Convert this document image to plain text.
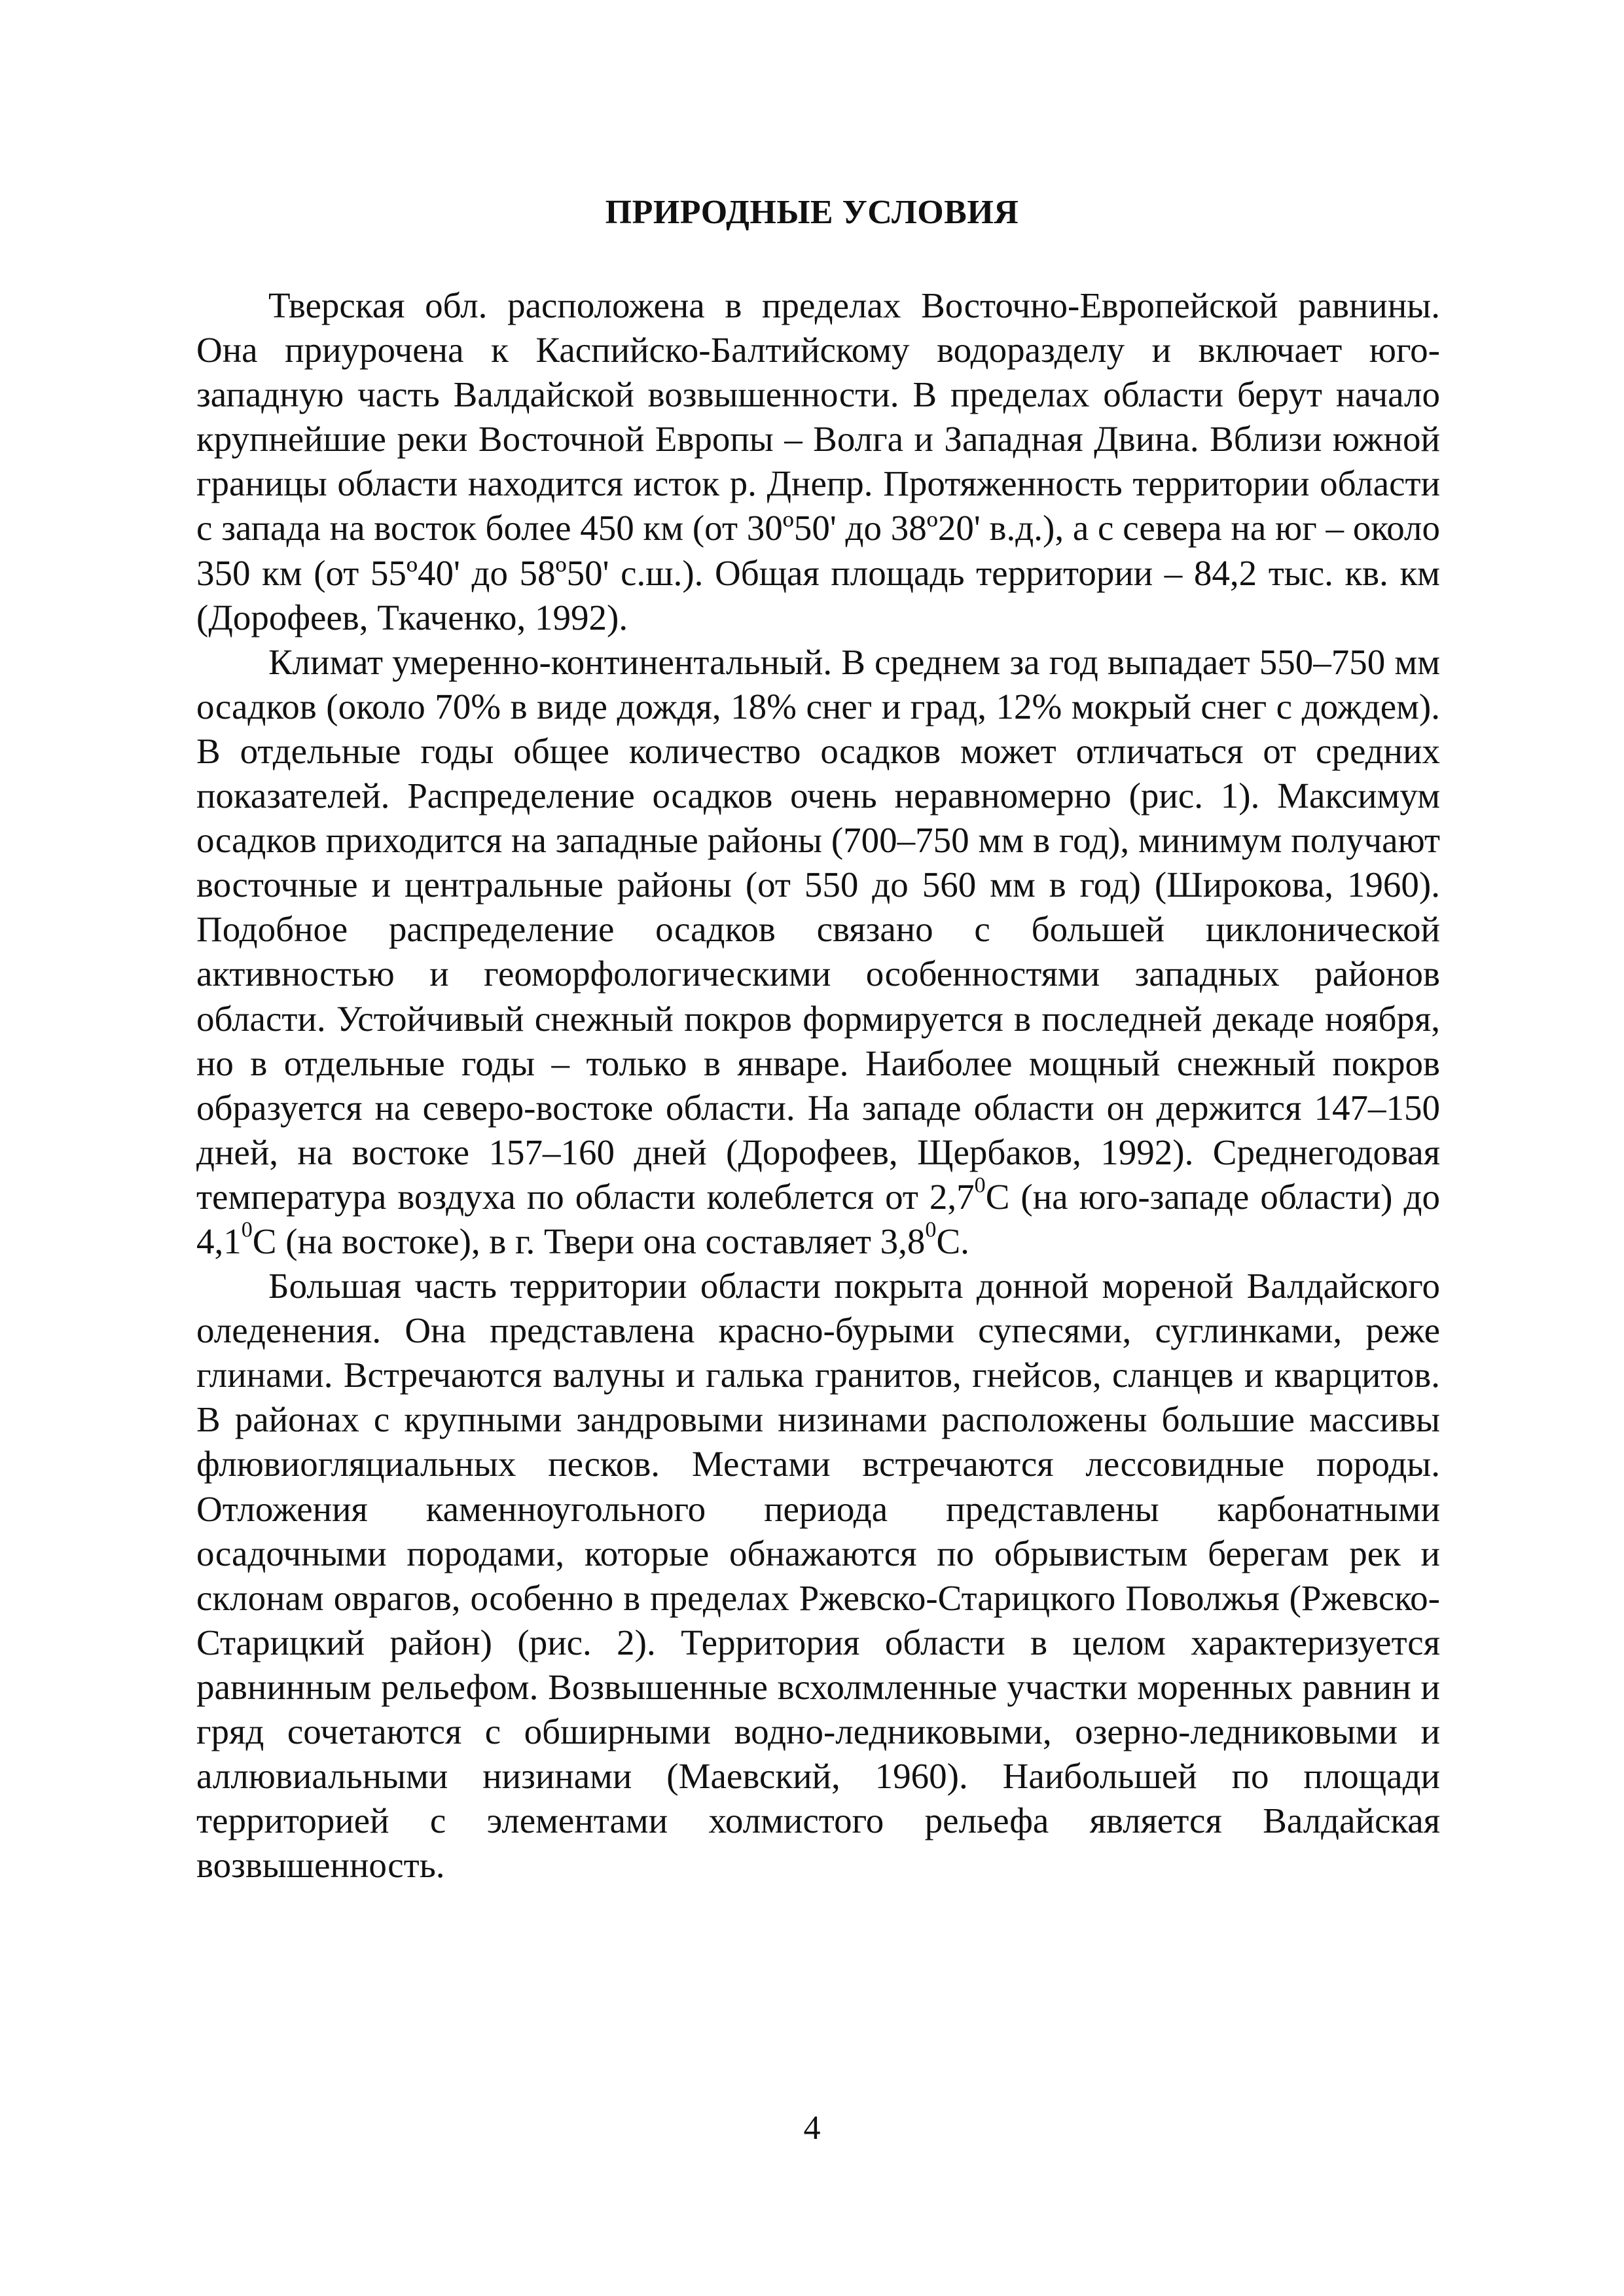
ПРИРОДНЫЕ УСЛОВИЯ

Тверская обл. расположена в пределах Восточно-Европейской равнины. Она приурочена к Каспийско-Балтийскому водоразделу и включает юго-западную часть Валдайской возвышенности. В пределах области берут начало крупнейшие реки Восточной Европы – Волга и Западная Двина. Вблизи южной границы области находится исток р. Днепр. Протяженность территории области с запада на восток более 450 км (от 30º50' до 38º20' в.д.), а с севера на юг – около 350 км (от 55º40' до 58º50' с.ш.). Общая площадь территории – 84,2 тыс. кв. км (Дорофеев, Ткаченко, 1992).

Климат умеренно-континентальный. В среднем за год выпадает 550–750 мм осадков (около 70% в виде дождя, 18% снег и град, 12% мокрый снег с дождем). В отдельные годы общее количество осадков может отличаться от средних показателей. Распределение осадков очень неравномерно (рис. 1). Максимум осадков приходится на западные районы (700–750 мм в год), минимум получают восточные и центральные районы (от 550 до 560 мм в год) (Широкова, 1960). Подобное распределение осадков связано с большей циклонической активностью и геоморфологическими особенностями западных районов области. Устойчивый снежный покров формируется в последней декаде ноября, но в отдельные годы – только в январе. Наиболее мощный снежный покров образуется на северо-востоке области. На западе области он держится 147–150 дней, на востоке 157–160 дней (Дорофеев, Щербаков, 1992). Среднегодовая температура воздуха по области колеблется от $2,7^0С$ (на юго-западе области) до $4,1^0С$ (на востоке), в г. Твери она составляет $3,8^0С$.

Большая часть территории области покрыта донной мореной Валдайского оледенения. Она представлена красно-бурыми супесями, суглинками, реже глинами. Встречаются валуны и галька гранитов, гнейсов, сланцев и кварцитов. В районах с крупными зандровыми низинами расположены большие массивы флювиогляциальных песков. Местами встречаются лессовидные породы. Отложения каменноугольного периода представлены карбонатными осадочными породами, которые обнажаются по обрывистым берегам рек и склонам оврагов, особенно в пределах Ржевско-Старицкого Поволжья (Ржевско-Старицкий район) (рис. 2). Территория области в целом характеризуется равнинным рельефом. Возвышенные всхолмленные участки моренных равнин и гряд сочетаются с обширными водно-ледниковыми, озерно-ледниковыми и аллювиальными низинами (Маевский, 1960). Наибольшей по площади территорией с элементами холмистого рельефа является Валдайская возвышенность.

4
